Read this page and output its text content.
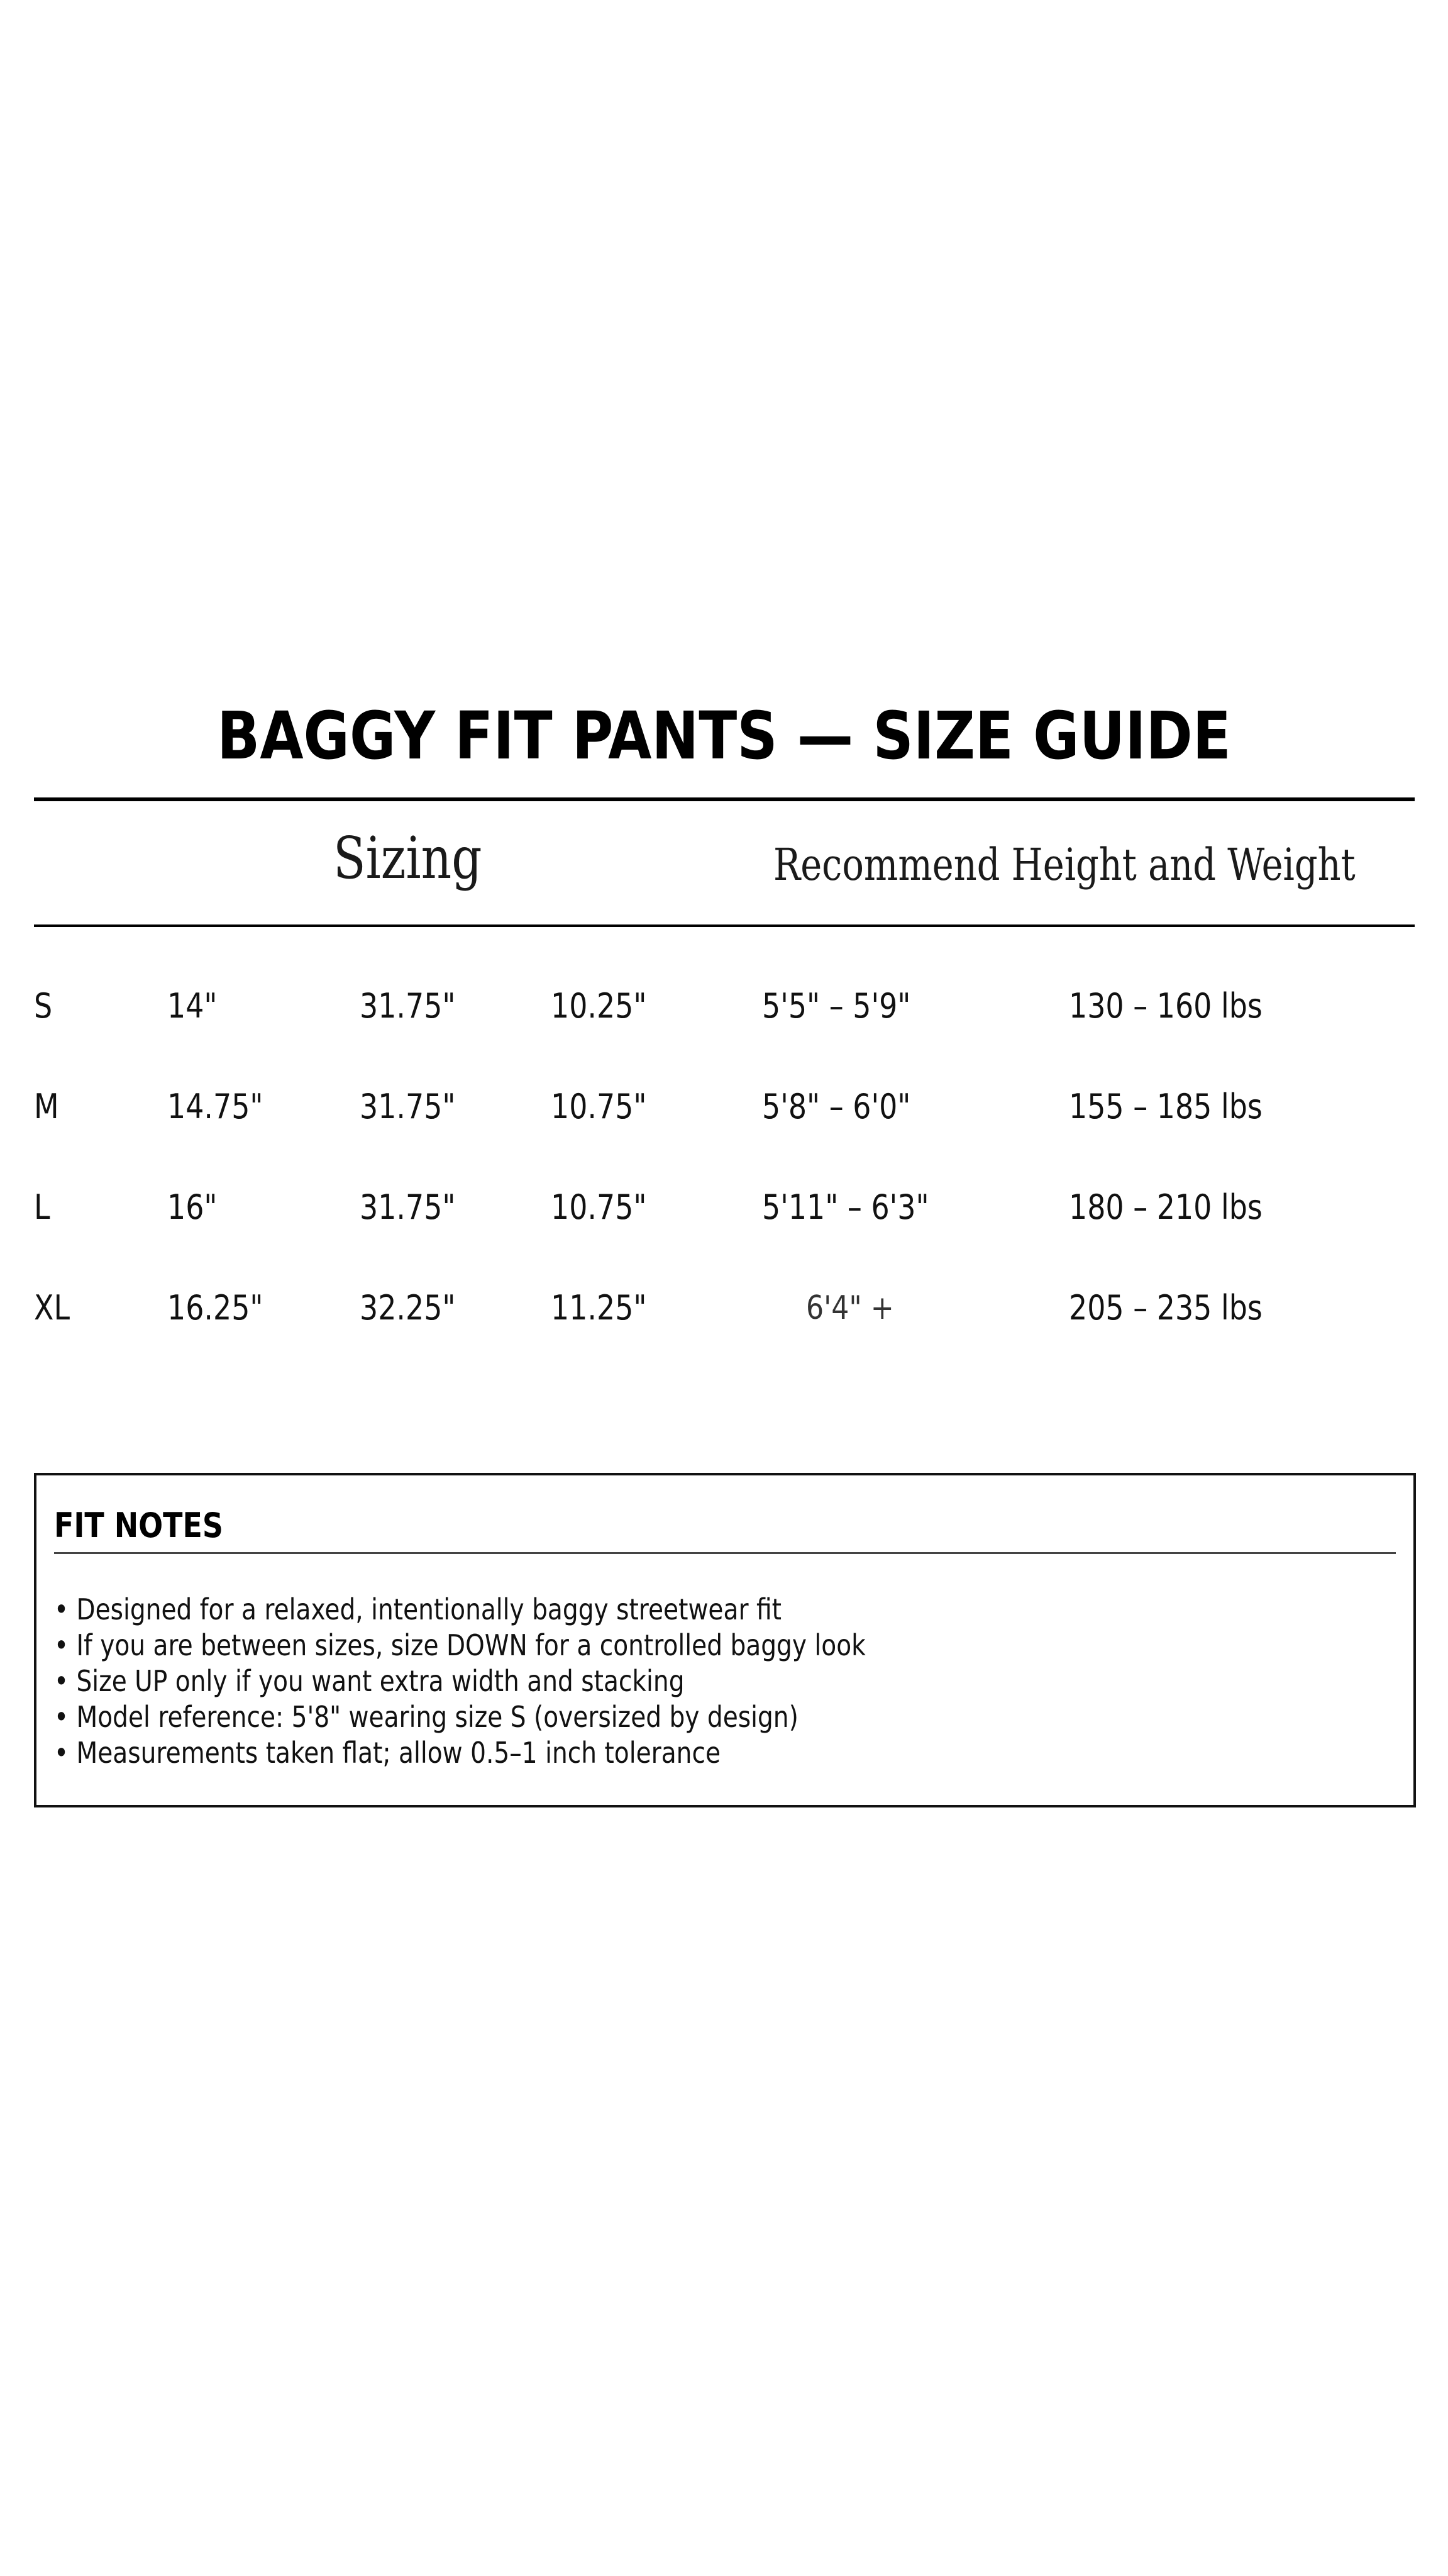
BAGGY FIT PANTS — SIZE GUIDE
Sizing	Recommend Height and Weight
S	14"	31.75"	10.25"	5'5" – 5'9"	130 – 160 lbs
M	14.75"	31.75"	10.75"	5'8" – 6'0"	155 – 185 lbs
L	16"	31.75"	10.75"	5'11" – 6'3"	180 – 210 lbs
XL	16.25"	32.25"	11.25"	6'4" +	205 – 235 lbs
FIT NOTES
• Designed for a relaxed, intentionally baggy streetwear fit
• If you are between sizes, size DOWN for a controlled baggy look
• Size UP only if you want extra width and stacking
• Model reference: 5'8" wearing size S (oversized by design)
• Measurements taken flat; allow 0.5–1 inch tolerance
